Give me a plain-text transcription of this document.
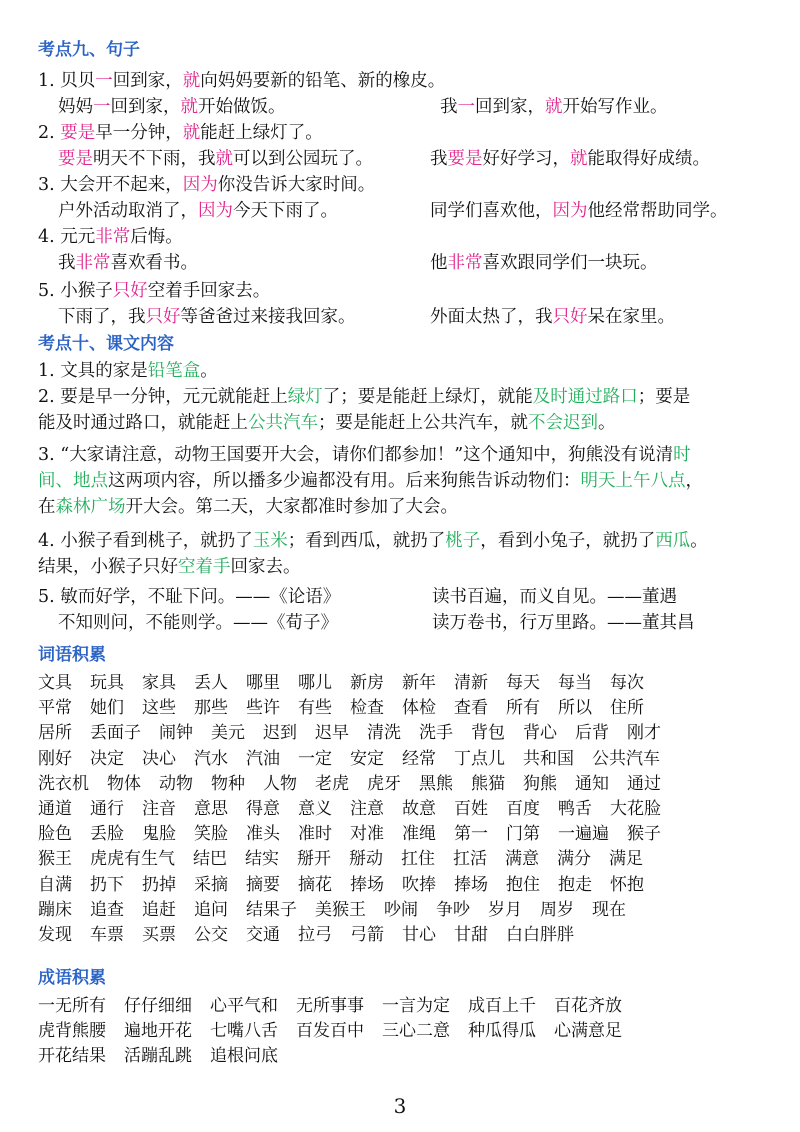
考点九、句子
1. 贝贝一回到家，就向妈妈要新的铅笔、新的橡皮。
妈妈一回到家，就开始做饭。	我一回到家，就开始写作业。
2. 要是早一分钟，就能赶上绿灯了。
要是明天不下雨，我就可以到公园玩了。	我要是好好学习，就能取得好成绩。
3. 大会开不起来，因为你没告诉大家时间。
户外活动取消了，因为今天下雨了。	同学们喜欢他，因为他经常帮助同学。
4. 元元非常后悔。
我非常喜欢看书。	他非常喜欢跟同学们一块玩。
5. 小猴子只好空着手回家去。
下雨了，我只好等爸爸过来接我回家。	外面太热了，我只好呆在家里。
考点十、课文内容
1. 文具的家是铅笔盒。
2. 要是早一分钟，元元就能赶上绿灯了；要是能赶上绿灯，就能及时通过路口；要是
能及时通过路口，就能赶上公共汽车；要是能赶上公共汽车，就不会迟到。
3. “大家请注意，动物王国要开大会，请你们都参加！”这个通知中，狗熊没有说清时
间、地点这两项内容，所以播多少遍都没有用。后来狗熊告诉动物们：明天上午八点，
在森林广场开大会。第二天，大家都准时参加了大会。
4. 小猴子看到桃子，就扔了玉米；看到西瓜，就扔了桃子，看到小兔子，就扔了西瓜。
结果，小猴子只好空着手回家去。
5. 敏而好学，不耻下问。——《论语》	读书百遍，而义自见。——董遇
不知则问，不能则学。——《荀子》	读万卷书，行万里路。——董其昌
词语积累
文具 玩具 家具 丢人 哪里 哪儿 新房 新年 清新 每天 每当 每次
平常 她们 这些 那些 些许 有些 检查 体检 查看 所有 所以 住所
居所 丢面子 闹钟 美元 迟到 迟早 清洗 洗手 背包 背心 后背 刚才
刚好 决定 决心 汽水 汽油 一定 安定 经常 丁点儿 共和国 公共汽车
洗衣机 物体 动物 物种 人物 老虎 虎牙 黑熊 熊猫 狗熊 通知 通过
通道 通行 注音 意思 得意 意义 注意 故意 百姓 百度 鸭舌 大花脸
脸色 丢脸 鬼脸 笑脸 准头 准时 对准 准绳 第一 门第 一遍遍 猴子
猴王 虎虎有生气 结巴 结实 掰开 掰动 扛住 扛活 满意 满分 满足
自满 扔下 扔掉 采摘 摘要 摘花 捧场 吹捧 捧场 抱住 抱走 怀抱
蹦床 追查 追赶 追问 结果子 美猴王 吵闹 争吵 岁月 周岁 现在
发现 车票 买票 公交 交通 拉弓 弓箭 甘心 甘甜 白白胖胖
成语积累
一无所有 仔仔细细 心平气和 无所事事 一言为定 成百上千 百花齐放
虎背熊腰 遍地开花 七嘴八舌 百发百中 三心二意 种瓜得瓜 心满意足
开花结果 活蹦乱跳 追根问底
3
